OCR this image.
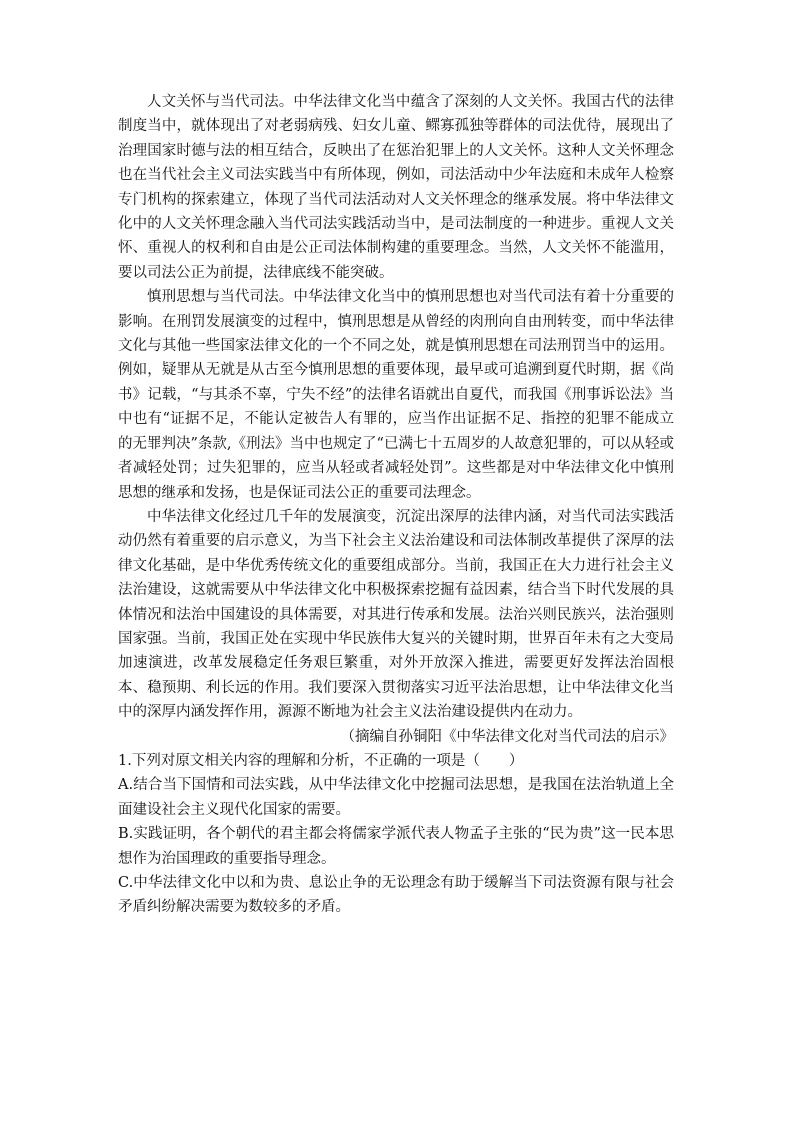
人文关怀与当代司法。中华法律文化当中蕴含了深刻的人文关怀。我国古代的法律制度当中，就体现出了对老弱病残、妇女儿童、鳏寡孤独等群体的司法优待，展现出了治理国家时德与法的相互结合，反映出了在惩治犯罪上的人文关怀。这种人文关怀理念也在当代社会主义司法实践当中有所体现，例如，司法活动中少年法庭和未成年人检察专门机构的探索建立，体现了当代司法活动对人文关怀理念的继承发展。将中华法律文化中的人文关怀理念融入当代司法实践活动当中，是司法制度的一种进步。重视人文关怀、重视人的权利和自由是公正司法体制构建的重要理念。当然，人文关怀不能滥用，要以司法公正为前提，法律底线不能突破。

慎刑思想与当代司法。中华法律文化当中的慎刑思想也对当代司法有着十分重要的影响。在刑罚发展演变的过程中，慎刑思想是从曾经的肉刑向自由刑转变，而中华法律文化与其他一些国家法律文化的一个不同之处，就是慎刑思想在司法刑罚当中的运用。例如，疑罪从无就是从古至今慎刑思想的重要体现，最早或可追溯到夏代时期，据《尚书》记载，“与其杀不辜，宁失不经”的法律名语就出自夏代，而我国《刑事诉讼法》当中也有“证据不足，不能认定被告人有罪的，应当作出证据不足、指控的犯罪不能成立的无罪判决”条款,《刑法》当中也规定了“已满七十五周岁的人故意犯罪的，可以从轻或者减轻处罚；过失犯罪的，应当从轻或者减轻处罚”。这些都是对中华法律文化中慎刑思想的继承和发扬，也是保证司法公正的重要司法理念。

中华法律文化经过几千年的发展演变，沉淀出深厚的法律内涵，对当代司法实践活动仍然有着重要的启示意义，为当下社会主义法治建设和司法体制改革提供了深厚的法律文化基础，是中华优秀传统文化的重要组成部分。当前，我国正在大力进行社会主义法治建设，这就需要从中华法律文化中积极探索挖掘有益因素，结合当下时代发展的具体情况和法治中国建设的具体需要，对其进行传承和发展。法治兴则民族兴，法治强则国家强。当前，我国正处在实现中华民族伟大复兴的关键时期，世界百年未有之大变局加速演进，改革发展稳定任务艰巨繁重，对外开放深入推进，需要更好发挥法治固根本、稳预期、利长远的作用。我们要深入贯彻落实习近平法治思想，让中华法律文化当中的深厚内涵发挥作用，源源不断地为社会主义法治建设提供内在动力。

（摘编自孙铜阳《中华法律文化对当代司法的启示》

1.下列对原文相关内容的理解和分析，不正确的一项是（　　）

A.结合当下国情和司法实践，从中华法律文化中挖掘司法思想，是我国在法治轨道上全面建设社会主义现代化国家的需要。

B.实践证明，各个朝代的君主都会将儒家学派代表人物孟子主张的“民为贵”这一民本思想作为治国理政的重要指导理念。

C.中华法律文化中以和为贵、息讼止争的无讼理念有助于缓解当下司法资源有限与社会矛盾纠纷解决需要为数较多的矛盾。
